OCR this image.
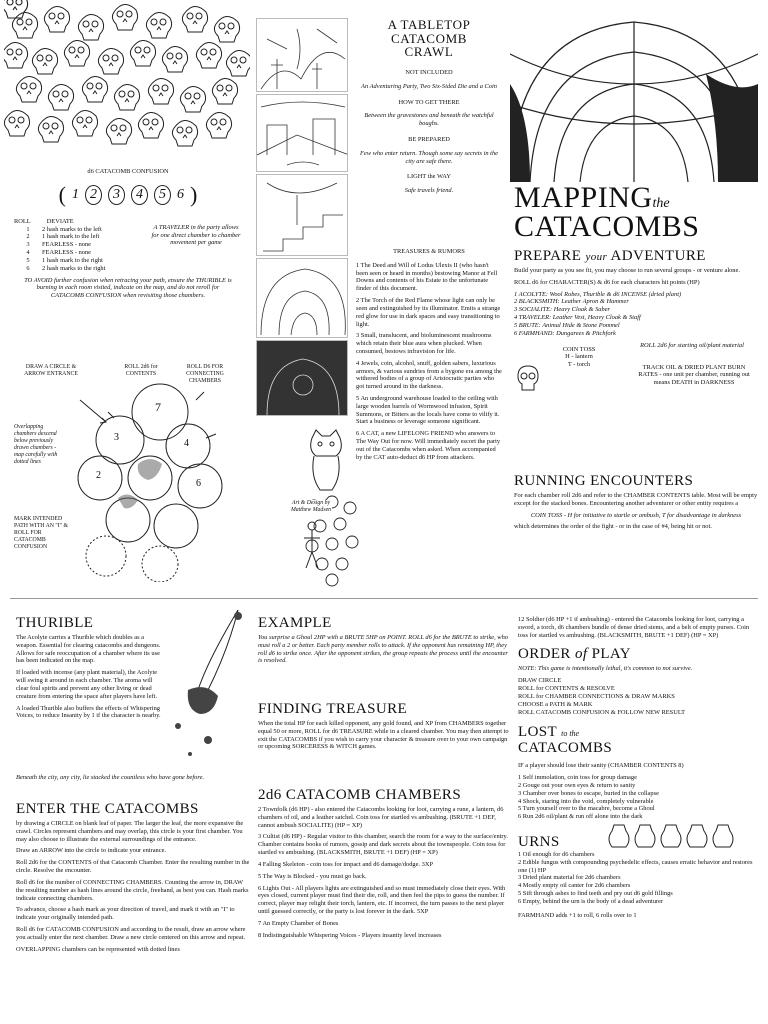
d6 CATACOMB CONFUSION
( 1 2	3	4	5 6 )
ROLL	DEVIATE
1	2 hash marks to the left
2	1 hash mark to the left
3	FEARLESS - none
4	FEARLESS - none
5	1 hash mark to the right
6	2 hash marks to the right
A TRAVELER in the party allows for one direct chamber to chamber movement per game
TO AVOID further confusion when retracing your path, ensure the THURIBLE is burning in each room visited, indicate on the map, and do not reroll for CATACOMB CONFUSION when revisiting those chambers.
DRAW A CIRCLE & ARROW ENTRANCE
ROLL 2d6 for CONTENTS
ROLL D6 FOR CONNECTING CHAMBERS
Overlapping chambers descend below previously drawn chambers - map carefully with dotted lines
MARK INTENDED PATH WITH AN "I" & ROLL FOR CATACOMB CONFUSION
7
3
4
2
6
Art & Design by Matthew Madsen
A TABLETOP CATACOMB CRAWL
NOT INCLUDED
An Adventuring Party, Two Six-Sided Die and a Coin
HOW TO GET THERE
Between the gravestones and beneath the watchful boughs.
BE PREPARED
Few who enter return. Though some say secrets in the city are safe there.
LIGHT the WAY
Safe travels friend.
TREASURES & RUMORS
1 The Deed and Will of Lodus Ulexis II (who hasn't been seen or heard in months) bestowing Manor at Fell Downs and contents of his Estate to the unfortunate finder of this document.
2 The Torch of the Red Flame whose light can only be seen and extinguished by its illuminator. Emits a strange red glow for use in dark spaces and easy transitioning to light.
3 Small, translucent, and bioluminescent mushrooms which retain their blue aura when plucked. When consumed, bestows infravision for life.
4 Jewels, coin, alcohol, snuff, golden sabers, luxurious armors, & various sundries from a bygone era among the withered bodies of a group of Aristocratic parties who got turned around in the darkness.
5 An underground warehouse loaded to the ceiling with large wooden barrels of Wormwood infusion, Spirit Summons, or Bitters as the locals have come to vilify it. Start a business or leverage someone significant.
6 A CAT, a new LIFELONG FRIEND who answers to The Way Out for now. Will immediately escort the party out of the Catacombs when asked. When accompanied by the CAT auto-deduct d6 HP from attackers.
MAPPINGthe
CATACOMBS
PREPARE your ADVENTURE
Build your party as you see fit, you may choose to run several groups - or venture alone.
ROLL d6 for CHARACTER(S) & d6 for each characters hit points (HP)
1 ACOLYTE: Wool Robes, Thurible & d6 INCENSE (dried plant)
2 BLACKSMITH: Leather Apron & Hammer
3 SOCIALITE: Heavy Cloak & Saber
4 TRAVELER: Leather Vest, Heavy Cloak & Staff
5 BRUTE: Animal Hide & Stone Pommel
6 FARMHAND: Dungarees & Pitchfork
COIN TOSS
H - lantern
T - torch
ROLL 2d6 for starting oil/plant material
TRACK OIL & DRIED PLANT BURN RATES - one unit per chamber, running out means DEATH in DARKNESS
RUNNING ENCOUNTERS
For each chamber roll 2d6 and refer to the CHAMBER CONTENTS table. Most will be empty except for the stacked bones. Encountering another adventurer or other entity requires a
COIN TOSS - H for initiative to startle or ambush, T for disadvantage in darkness
which determines the order of the fight - or in the case of #4, being hit or not.
THURIBLE
The Acolyte carries a Thurible which doubles as a weapon. Essential for clearing catacombs and dungeons. Allows for safe reoccupation of a chamber where its use has been indicated on the map.
If loaded with incense (any plant material), the Acolyte will swing it around in each chamber. The aroma will clear foul spirits and prevent any other living or dead creature from entering the space after players have left.
A loaded Thurible also buffers the effects of Whispering Voices, to reduce Insanity by 1 if the character is nearby.
Beneath the city, any city, lie stacked the countless who have gone before.
ENTER THE CATACOMBS
by drawing a CIRCLE on blank leaf of paper. The larger the leaf, the more expansive the crawl. Circles represent chambers and may overlap, this circle is your first chamber. You may also choose to illustrate the external surroundings of the entrance.
Draw an ARROW into the circle to indicate your entrance.
Roll 2d6 for the CONTENTS of that Catacomb Chamber. Enter the resulting number in the circle. Resolve the encounter.
Roll d6 for the number of CONNECTING CHAMBERS. Counting the arrow in, DRAW the resulting number as hash lines around the circle, freehand, as best you can. Hash marks indicate connecting chambers.
To advance, choose a hash mark as your direction of travel, and mark it with an "I" to indicate your originally intended path.
Roll d6 for CATACOMB CONFUSION and according to the result, draw an arrow where you actually enter the next chamber. Draw a new circle centered on this arrow and repeat.
OVERLAPPING chambers can be represented with dotted lines
EXAMPLE
You surprise a Ghoul 2HP with a BRUTE 5HP on POINT. ROLL d6 for the BRUTE to strike, who must roll a 2 or better. Each party member rolls to attack. If the opponent has remaining HP, they roll d6 to strike once. After the opponent strikes, the group repeats the process until the encounter is resolved.
FINDING TREASURE
When the total HP for each killed opponent, any gold found, and XP from CHAMBERS together equal 50 or more, ROLL for d6 TREASURE while in a cleared chamber. You may then attempt to exit the CATACOMBS if you wish to carry your character & treasure over to your own campaign or upcoming SORCERESS & WITCH games.
2d6 CATACOMB CHAMBERS
2 Townfolk (d6 HP) - also entered the Catacombs looking for loot, carrying a rune, a lantern, d6 chambers of oil, and a leather satchel. Coin toss for startled vs ambushing. (BRUTE +1 DEF, cannot ambush SOCIALITE) (HP = XP)
3 Cultist (d6 HP) - Regular visitor to this chamber, search the room for a way to the surface/entry. Chamber contains books of rumors, gossip and dark secrets about the townspeople. Coin toss for startled vs ambushing. (BLACKSMITH, BRUTE +1 DEF) (HP = XP)
4 Falling Skeleton - coin toss for impact and d6 damage/dodge. 3XP
5 The Way is Blocked - you must go back.
6 Lights Out - All players lights are extinguished and so must immediately close their eyes. With eyes closed, current player must find their die, roll, and then feel the pips to guess the number. If correct, player may relight their torch, lantern, etc. If incorrect, the turn passes to the next player until guessed correctly, or the party is lost forever in the dark. 5XP
7 An Empty Chamber of Bones
8 Indistinguishable Whispering Voices - Players insanity level increases
12 Soldier (d6 HP +1 if ambushing) - entered the Catacombs looking for loot, carrying a sword, a torch, d6 chambers bundle of dense dried stems, and a belt of empty purses. Coin toss for startled vs ambushing. (BLACKSMITH, BRUTE +1 DEF) (HP = XP)
ORDER of PLAY
NOTE: This game is intentionally lethal, it's common to not survive.
DRAW CIRCLE
ROLL for CONTENTS & RESOLVE
ROLL for CHAMBER CONNECTIONS & DRAW MARKS
CHOOSE a PATH & MARK
ROLL CATACOMB CONFUSION & FOLLOW NEW RESULT
LOST to the
CATACOMBS
IF a player should lose their sanity (CHAMBER CONTENTS 8)
1 Self immolation, coin toss for group damage
2 Gouge out your own eyes & return to sanity
3 Chamber over bones to escape, buried in the collapse
4 Shock, staring into the void, completely vulnerable
5 Turn yourself over to the macabre, become a Ghoul
6 Run 2d6 oil/plant & run off alone into the dark
URNS
1 Oil enough for d6 chambers
2 Edible fungus with compounding psychedelic effects, causes erratic behavior and restores one (1) HP
3 Dried plant material for 2d6 chambers
4 Mostly empty oil canter for 2d6 chambers
5 Sift through ashes to find teeth and pry out d6 gold fillings
6 Empty, behind the urn is the body of a dead adventurer
FARMHAND adds +1 to roll, 6 rolls over to 1
